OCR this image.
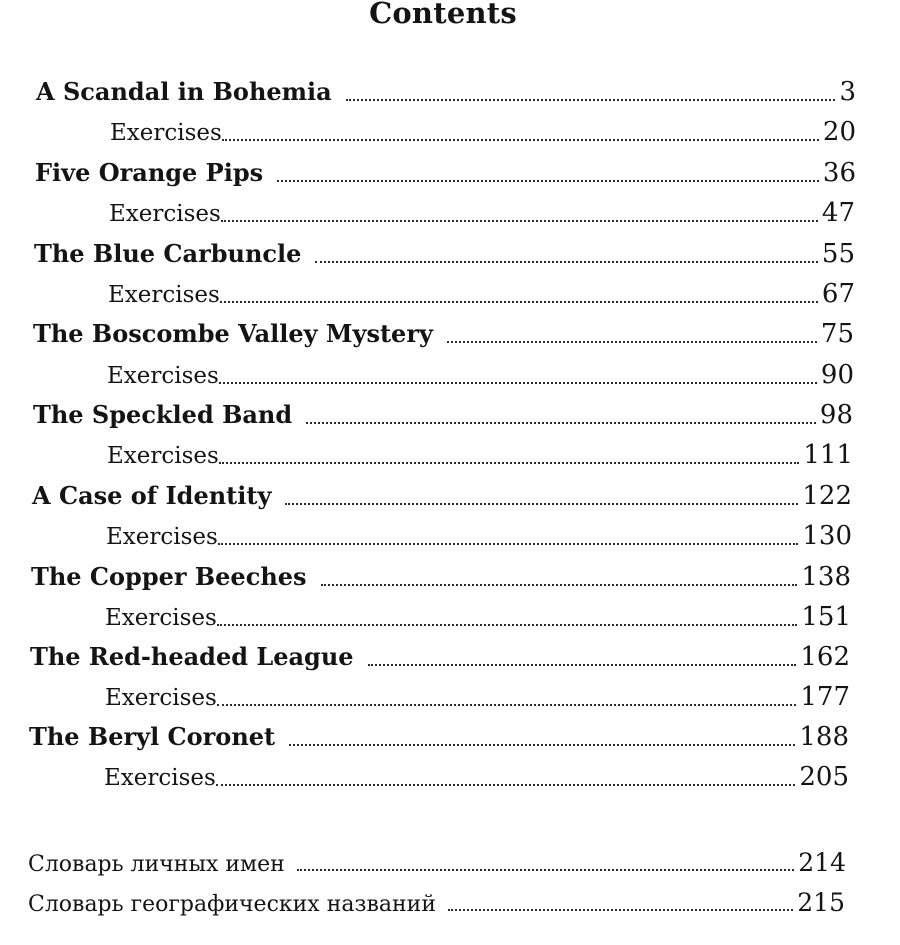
Contents
A Scandal in Bohemia	3
Exercises	20
Five Orange Pips	36
Exercises	47
The Blue Carbuncle	55
Exercises	67
The Boscombe Valley Mystery	75
Exercises	90
The Speckled Band	98
Exercises	111
A Case of Identity	122
Exercises	130
The Copper Beeches	138
Exercises	151
The Red-headed League	162
Exercises	177
The Beryl Coronet	188
Exercises	205
Словарь личных имен	214
Словарь географических названий	215
